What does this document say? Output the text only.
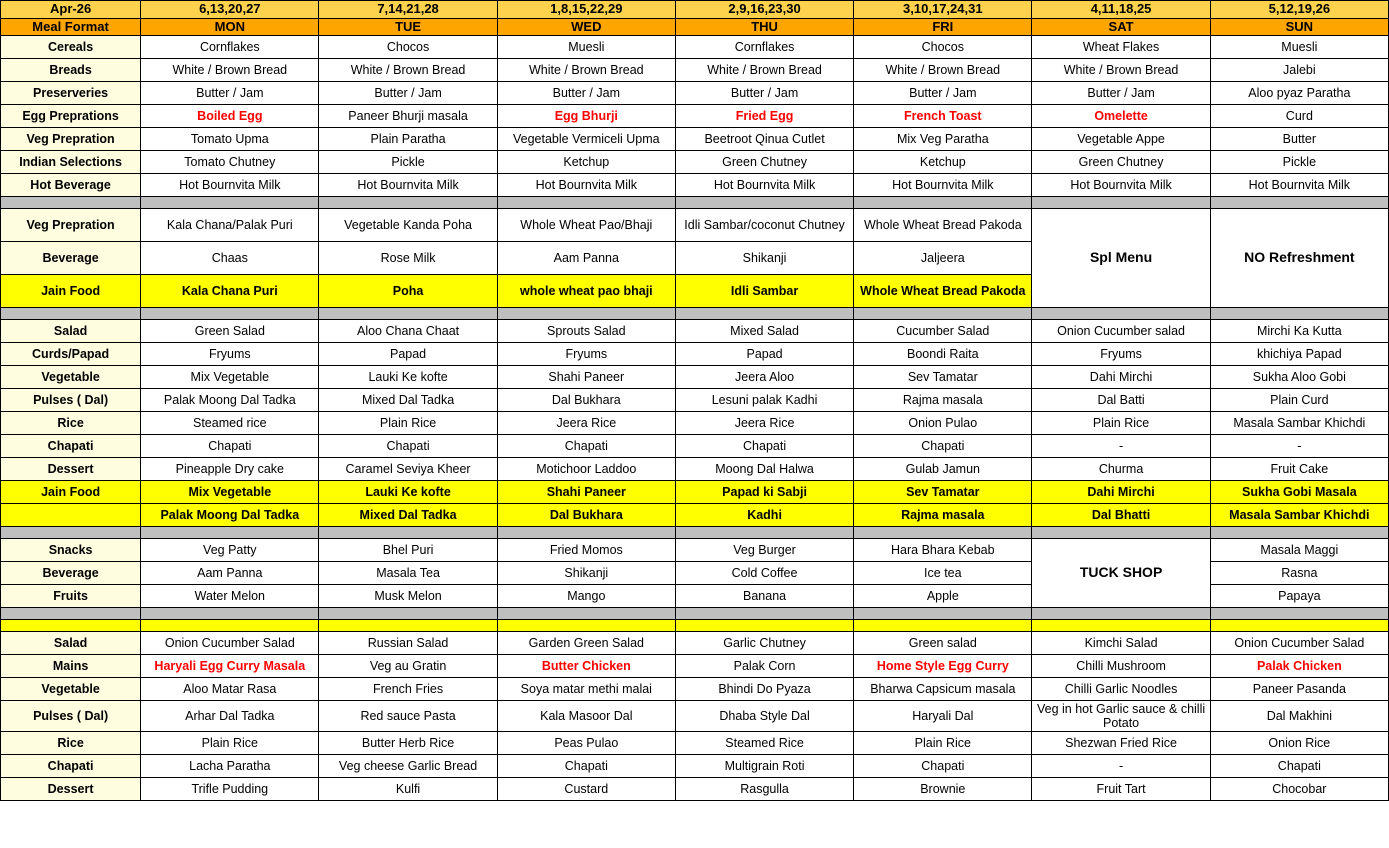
Apr-26	6,13,20,27	7,14,21,28	1,8,15,22,29	2,9,16,23,30	3,10,17,24,31	4,11,18,25	5,12,19,26
Meal Format	MON	TUE	WED	THU	FRI	SAT	SUN
Cereals	Cornflakes	Chocos	Muesli	Cornflakes	Chocos	Wheat Flakes	Muesli
Breads	White / Brown Bread	White / Brown Bread	White / Brown Bread	White / Brown Bread	White / Brown Bread	White / Brown Bread	Jalebi
Preserveries	Butter / Jam	Butter / Jam	Butter / Jam	Butter / Jam	Butter / Jam	Butter / Jam	Aloo pyaz Paratha
Egg Preprations	Boiled Egg	Paneer Bhurji masala	Egg Bhurji	Fried Egg	French Toast	Omelette	Curd
Veg Prepration	Tomato Upma	Plain Paratha	Vegetable Vermiceli Upma	Beetroot Qinua Cutlet	Mix Veg Paratha	Vegetable Appe	Butter
Indian Selections	Tomato Chutney	Pickle	Ketchup	Green Chutney	Ketchup	Green Chutney	Pickle
Hot Beverage	Hot Bournvita Milk	Hot Bournvita Milk	Hot Bournvita Milk	Hot Bournvita Milk	Hot Bournvita Milk	Hot Bournvita Milk	Hot Bournvita Milk

Veg Prepration	Kala Chana/Palak Puri	Vegetable Kanda Poha	Whole Wheat Pao/Bhaji	Idli Sambar/coconut Chutney	Whole Wheat Bread Pakoda	Spl Menu	NO Refreshment
Beverage	Chaas	Rose Milk	Aam Panna	Shikanji	Jaljeera		
Jain Food	Kala Chana Puri	Poha	whole wheat pao bhaji	Idli Sambar	Whole Wheat Bread Pakoda		

Salad	Green Salad	Aloo Chana Chaat	Sprouts Salad	Mixed Salad	Cucumber Salad	Onion Cucumber salad	Mirchi Ka Kutta
Curds/Papad	Fryums	Papad	Fryums	Papad	Boondi Raita	Fryums	khichiya Papad
Vegetable	Mix Vegetable	Lauki Ke kofte	Shahi Paneer	Jeera Aloo	Sev Tamatar	Dahi Mirchi	Sukha Aloo Gobi
Pulses ( Dal)	Palak Moong Dal Tadka	Mixed Dal Tadka	Dal Bukhara	Lesuni palak Kadhi	Rajma masala	Dal Batti	Plain Curd
Rice	Steamed rice	Plain Rice	Jeera Rice	Jeera Rice	Onion Pulao	Plain Rice	Masala Sambar Khichdi
Chapati	Chapati	Chapati	Chapati	Chapati	Chapati	-	-
Dessert	Pineapple Dry cake	Caramel Seviya Kheer	Motichoor Laddoo	Moong Dal Halwa	Gulab Jamun	Churma	Fruit Cake
Jain Food	Mix Vegetable	Lauki Ke kofte	Shahi Paneer	Papad ki Sabji	Sev Tamatar	Dahi Mirchi	Sukha Gobi Masala
	Palak Moong Dal Tadka	Mixed Dal Tadka	Dal Bukhara	Kadhi	Rajma masala	Dal Bhatti	Masala Sambar Khichdi

Snacks	Veg Patty	Bhel Puri	Fried Momos	Veg Burger	Hara Bhara Kebab	TUCK SHOP	Masala Maggi
Beverage	Aam Panna	Masala Tea	Shikanji	Cold Coffee	Ice tea		Rasna
Fruits	Water Melon	Musk Melon	Mango	Banana	Apple		Papaya

Salad	Onion Cucumber Salad	Russian Salad	Garden Green Salad	Garlic Chutney	Green salad	Kimchi Salad	Onion Cucumber Salad
Mains	Haryali Egg Curry Masala	Veg au Gratin	Butter Chicken	Palak Corn	Home Style Egg Curry	Chilli Mushroom	Palak Chicken
Vegetable	Aloo Matar Rasa	French Fries	Soya matar methi malai	Bhindi Do Pyaza	Bharwa Capsicum masala	Chilli Garlic Noodles	Paneer Pasanda
Pulses ( Dal)	Arhar Dal Tadka	Red sauce Pasta	Kala Masoor Dal	Dhaba Style Dal	Haryali Dal	Veg in hot Garlic sauce & chilli Potato	Dal Makhini
Rice	Plain Rice	Butter Herb Rice	Peas Pulao	Steamed Rice	Plain Rice	Shezwan Fried Rice	Onion Rice
Chapati	Lacha Paratha	Veg cheese Garlic Bread	Chapati	Multigrain Roti	Chapati	-	Chapati
Dessert	Trifle Pudding	Kulfi	Custard	Rasgulla	Brownie	Fruit Tart	Chocobar
